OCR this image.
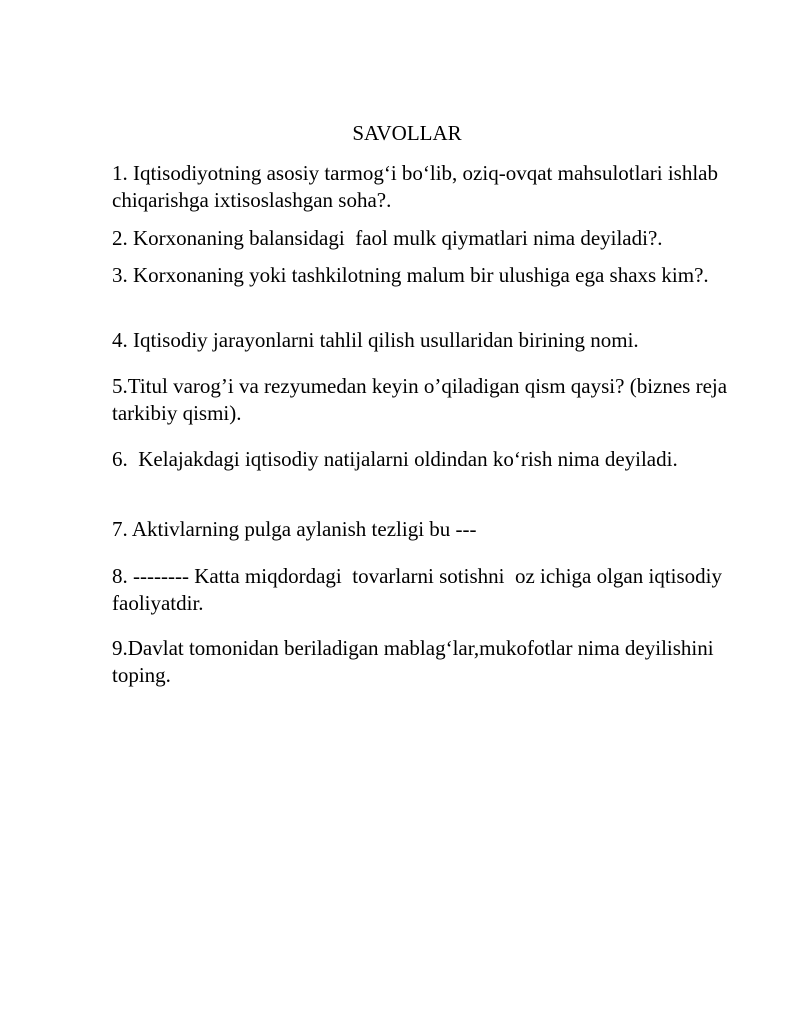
SAVOLLAR

1. Iqtisodiyotning asosiy tarmog‘i bo‘lib, oziq-ovqat mahsulotlari ishlab chiqarishga ixtisoslashgan soha?.

2. Korxonaning balansidagi  faol mulk qiymatlari nima deyiladi?.

3. Korxonaning yoki tashkilotning malum bir ulushiga ega shaxs kim?.

4. Iqtisodiy jarayonlarni tahlil qilish usullaridan birining nomi.

5.Titul varog’i va rezyumedan keyin o’qiladigan qism qaysi? (biznes reja tarkibiy qismi).

6.  Kelajakdagi iqtisodiy natijalarni oldindan ko‘rish nima deyiladi.

7. Aktivlarning pulga aylanish tezligi bu ---

8. -------- Katta miqdordagi  tovarlarni sotishni  oz ichiga olgan iqtisodiy faoliyatdir.

9.Davlat tomonidan beriladigan mablag‘lar,mukofotlar nima deyilishini toping.
